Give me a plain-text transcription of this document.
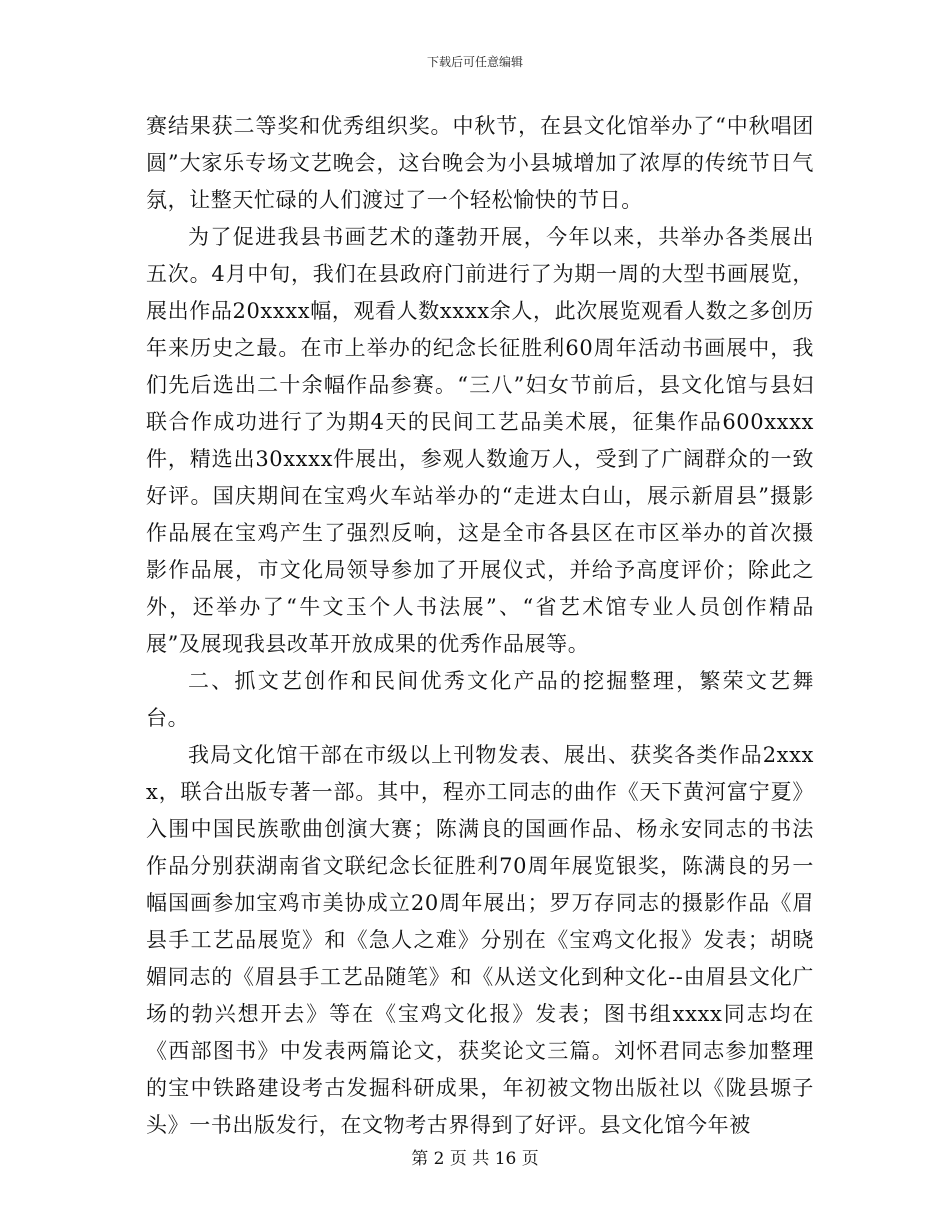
下载后可任意编辑

赛结果获二等奖和优秀组织奖。中秋节，在县文化馆举办了“中秋唱团圆”大家乐专场文艺晚会，这台晚会为小县城增加了浓厚的传统节日气氛，让整天忙碌的人们渡过了一个轻松愉快的节日。

为了促进我县书画艺术的蓬勃开展，今年以来，共举办各类展出五次。4月中旬，我们在县政府门前进行了为期一周的大型书画展览，展出作品20xxxx幅，观看人数xxxx余人，此次展览观看人数之多创历年来历史之最。在市上举办的纪念长征胜利60周年活动书画展中，我们先后选出二十余幅作品参赛。“三八”妇女节前后，县文化馆与县妇联合作成功进行了为期4天的民间工艺品美术展，征集作品600xxxx件，精选出30xxxx件展出，参观人数逾万人，受到了广阔群众的一致好评。国庆期间在宝鸡火车站举办的“走进太白山，展示新眉县”摄影作品展在宝鸡产生了强烈反响，这是全市各县区在市区举办的首次摄影作品展，市文化局领导参加了开展仪式，并给予高度评价；除此之外，还举办了“牛文玉个人书法展”、“省艺术馆专业人员创作精品展”及展现我县改革开放成果的优秀作品展等。

二、抓文艺创作和民间优秀文化产品的挖掘整理，繁荣文艺舞台。

我局文化馆干部在市级以上刊物发表、展出、获奖各类作品2xxxx，联合出版专著一部。其中，程亦工同志的曲作《天下黄河富宁夏》入围中国民族歌曲创演大赛；陈满良的国画作品、杨永安同志的书法作品分别获湖南省文联纪念长征胜利70周年展览银奖，陈满良的另一幅国画参加宝鸡市美协成立20周年展出；罗万存同志的摄影作品《眉县手工艺品展览》和《急人之难》分别在《宝鸡文化报》发表；胡晓媚同志的《眉县手工艺品随笔》和《从送文化到种文化--由眉县文化广场的勃兴想开去》等在《宝鸡文化报》发表；图书组xxxx同志均在《西部图书》中发表两篇论文，获奖论文三篇。刘怀君同志参加整理的宝中铁路建设考古发掘科研成果，年初被文物出版社以《陇县塬子头》一书出版发行，在文物考古界得到了好评。县文化馆今年被

第 2 页 共 16 页
